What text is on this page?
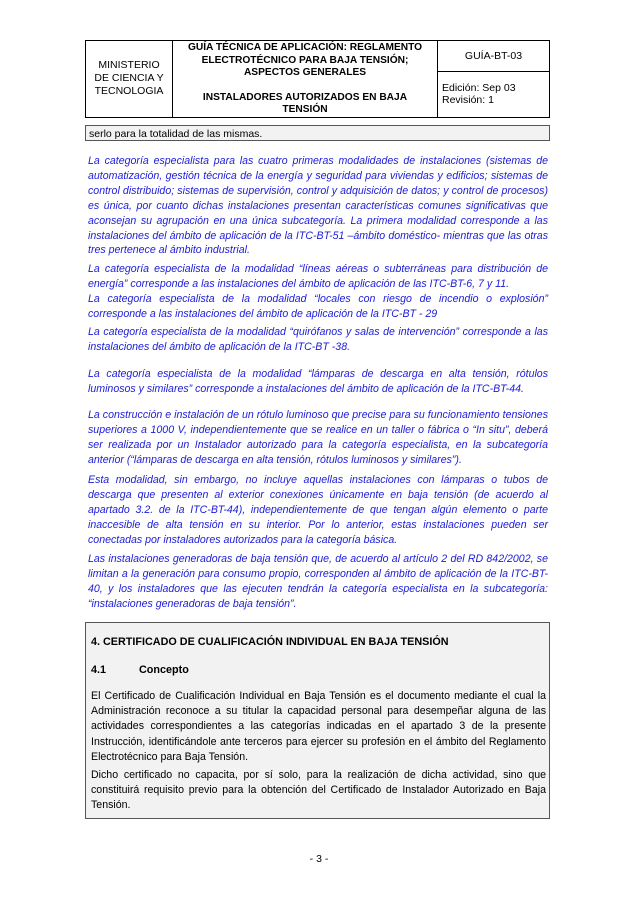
MINISTERIO
DE CIENCIA Y
TECNOLOGIA

GUÍA TÉCNICA DE APLICACIÓN: REGLAMENTO
ELECTROTÉCNICO PARA BAJA TENSIÓN;
ASPECTOS GENERALES
INSTALADORES AUTORIZADOS EN BAJA
TENSIÓN
	GUÍA-BT-03

Edición: Sep 03
Revisión: 1
serlo para la totalidad de las mismas.
La categoría especialista para las cuatro primeras modalidades de instalaciones (sistemas de
automatización, gestión técnica de la energía y seguridad para viviendas y edificios; sistemas de
control distribuido; sistemas de supervisión, control y adquisición de datos; y control de procesos)
es única, por cuanto dichas instalaciones presentan características comunes significativas que
aconsejan su agrupación en una única subcategoría. La primera modalidad corresponde a las
instalaciones del ámbito de aplicación de la ITC-BT-51 –ámbito doméstico- mientras que las otras
tres pertenece al ámbito industrial.
La categoría especialista de la modalidad “líneas aéreas o subterráneas para distribución de
energía” corresponde a las instalaciones del ámbito de aplicación de las ITC-BT-6, 7 y 11.
La categoría especialista de la modalidad “locales con riesgo de incendio o explosión”
corresponde a las instalaciones del ámbito de aplicación de la ITC-BT - 29
La categoría especialista de la modalidad “quirófanos y salas de intervención” corresponde a las
instalaciones del ámbito de aplicación de la ITC-BT -38.
La categoría especialista de la modalidad “lámparas de descarga en alta tensión, rótulos
luminosos y similares” corresponde a instalaciones del ámbito de aplicación de la ITC-BT-44.
La construcción e instalación de un rótulo luminoso que precise para su funcionamiento tensiones
superiores a 1000 V, independientemente que se realice en un taller o fábrica o “In situ”, deberá
ser realizada por un Instalador autorizado para la categoría especialista, en la subcategoría
anterior (“lámparas de descarga en alta tensión, rótulos luminosos y similares”).
Esta modalidad, sin embargo, no incluye aquellas instalaciones con lámparas o tubos de
descarga que presenten al exterior conexiones únicamente en baja tensión (de acuerdo al
apartado 3.2. de la ITC-BT-44), independientemente de que tengan algún elemento o parte
inaccesible de alta tensión en su interior. Por lo anterior, estas instalaciones pueden ser
conectadas por instaladores autorizados para la categoría básica.
Las instalaciones generadoras de baja tensión que, de acuerdo al artículo 2 del RD 842/2002, se
limitan a la generación para consumo propio, corresponden al ámbito de aplicación de la ITC-BT-
40, y los instaladores que las ejecuten tendrán la categoría especialista en la subcategoría:
“instalaciones generadoras de baja tensión”.
4. CERTIFICADO DE CUALIFICACIÓN INDIVIDUAL EN BAJA TENSIÓN
4.1	Concepto
El Certificado de Cualificación Individual en Baja Tensión es el documento mediante el cual la
Administración reconoce a su titular la capacidad personal para desempeñar alguna de las
actividades correspondientes a las categorías indicadas en el apartado 3 de la presente
Instrucción, identificándole ante terceros para ejercer su profesión en el ámbito del Reglamento
Electrotécnico para Baja Tensión.
Dicho certificado no capacita, por sí solo, para la realización de dicha actividad, sino que
constituirá requisito previo para la obtención del Certificado de Instalador Autorizado en Baja
Tensión.
- 3 -
